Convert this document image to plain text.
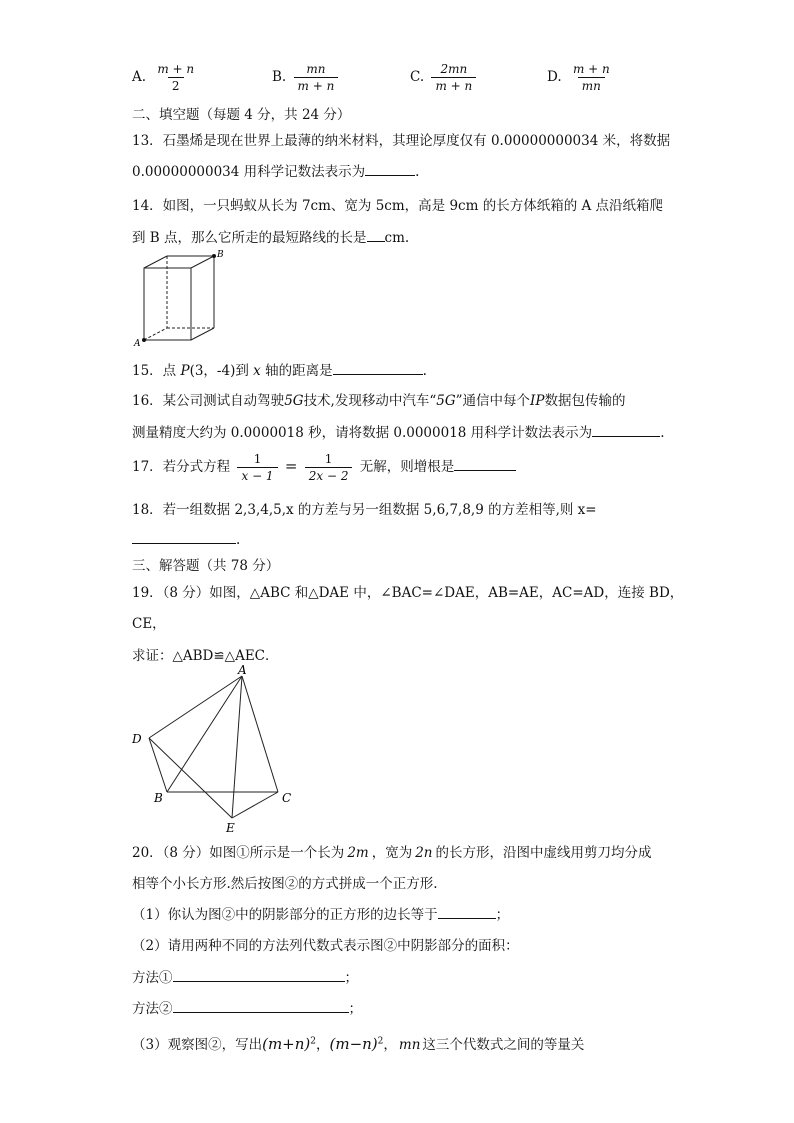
A. $\frac{m + n}{2}$	B. $\frac{mn}{m + n}$	C. $\frac{2mn}{m + n}$	D. $\frac{m + n}{mn}$
二、填空题（每题 4 分，共 24 分）
13．石墨烯是现在世界上最薄的纳米材料，其理论厚度仅有 0.00000000034 米，将数据
0.00000000034 用科学记数法表示为	.
14．如图，一只蚂蚁从长为 7cm、宽为 5cm，高是 9cm 的长方体纸箱的 A 点沿纸箱爬
到 B 点，那么它所走的最短路线的长是 cm.
A
B
15．点 P(3，-4)到 x 轴的距离是	.
16．某公司测试自动驾驶5G技术,发现移动中汽车“5G”通信中每个IP数据包传输的
测量精度大约为 0.0000018 秒，请将数据 0.0000018 用科学计数法表示为	.
17．若分式方程 $\frac{1}{x - 1} = \frac{1}{2x - 2}$ 无解，则增根是
18．若一组数据 2,3,4,5,x 的方差与另一组数据 5,6,7,8,9 的方差相等,则 x=
.
三、解答题（共 78 分）
19．（8 分）如图，△ABC 和△DAE 中，∠BAC=∠DAE，AB=AE，AC=AD，连接 BD，
CE，
求证：△ABD≌△AEC．
A
B	C
D
E
20．（8 分）如图①所示是一个长为 2m ，宽为 2n 的长方形，沿图中虚线用剪刀均分成
相等个小长方形.然后按图②的方式拼成一个正方形.
（1）你认为图②中的阴影部分的正方形的边长等于	；
（2）请用两种不同的方法列代数式表示图②中阴影部分的面积：
方法①	；
方法②	；
（3）观察图②，写出$(m+n)^2$，$(m-n)^2$， mn 这三个代数式之间的等量关
